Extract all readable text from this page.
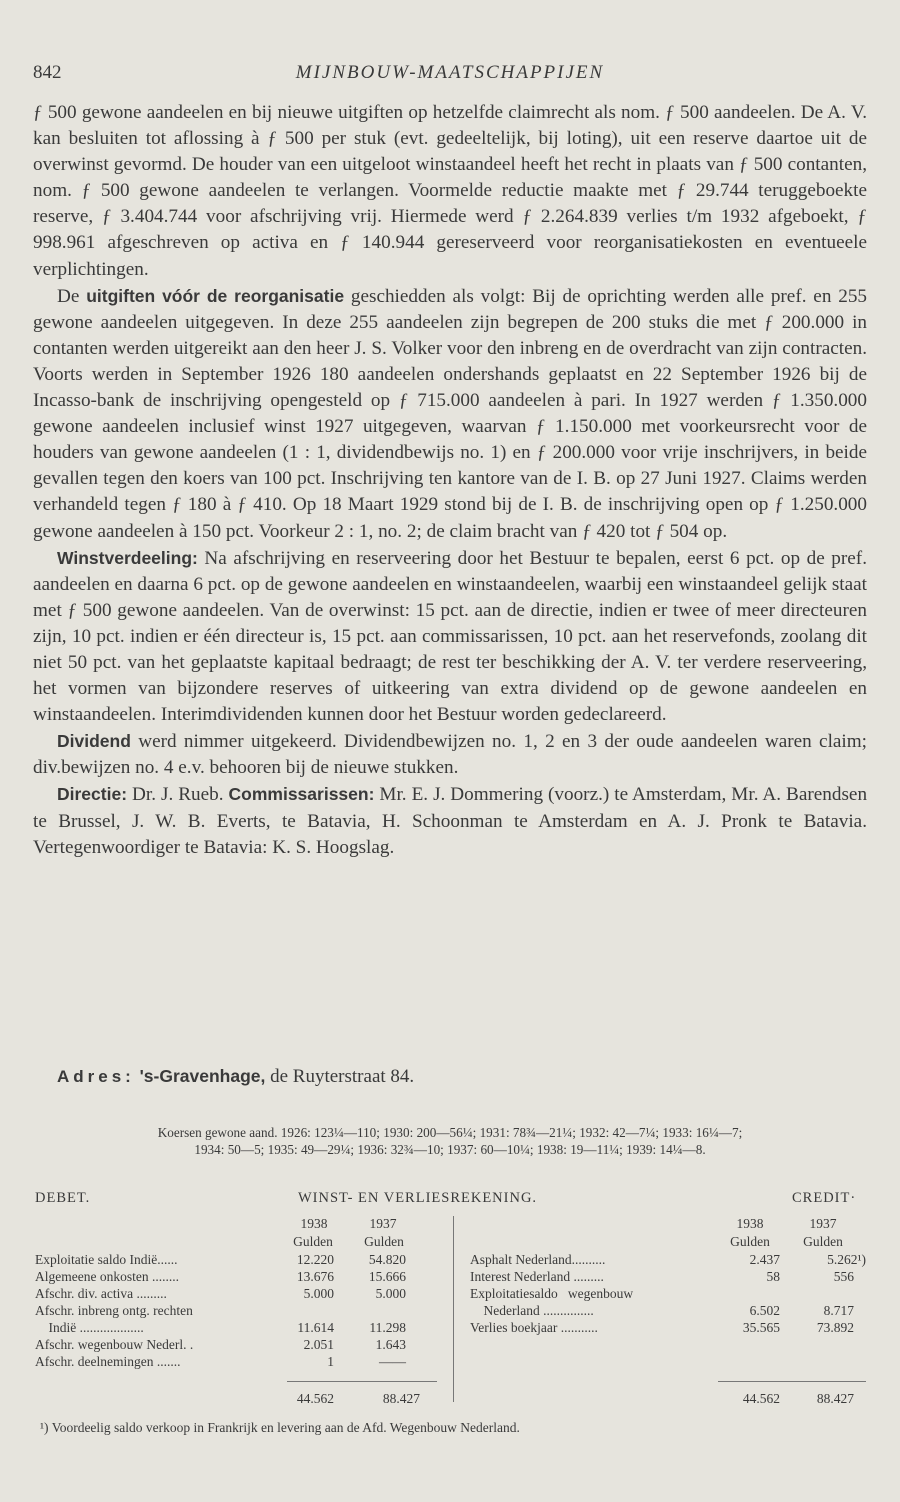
842	MIJNBOUW-MAATSCHAPPIJEN

ƒ 500 gewone aandeelen en bij nieuwe uitgiften op hetzelfde claimrecht als nom. ƒ 500 aandeelen. De A. V. kan besluiten tot aflossing à ƒ 500 per stuk (evt. gedeeltelijk, bij loting), uit een reserve daartoe uit de overwinst gevormd. De houder van een uitgeloot winstaandeel heeft het recht in plaats van ƒ 500 contanten, nom. ƒ 500 gewone aandeelen te verlangen. Voormelde reductie maakte met ƒ 29.744 teruggeboekte reserve, ƒ 3.404.744 voor afschrijving vrij. Hiermede werd ƒ 2.264.839 verlies t/m 1932 afgeboekt, ƒ 998.961 afgeschreven op activa en ƒ 140.944 gereserveerd voor reorganisatiekosten en eventueele verplichtingen.

De uitgiften vóór de reorganisatie geschiedden als volgt: Bij de oprichting werden alle pref. en 255 gewone aandeelen uitgegeven. In deze 255 aandeelen zijn begrepen de 200 stuks die met ƒ 200.000 in contanten werden uitgereikt aan den heer J. S. Volker voor den inbreng en de overdracht van zijn contracten. Voorts werden in September 1926 180 aandeelen ondershands geplaatst en 22 September 1926 bij de Incasso-bank de inschrijving opengesteld op ƒ 715.000 aandeelen à pari. In 1927 werden ƒ 1.350.000 gewone aandeelen inclusief winst 1927 uitgegeven, waarvan ƒ 1.150.000 met voorkeursrecht voor de houders van gewone aandeelen (1 : 1, dividendbewijs no. 1) en ƒ 200.000 voor vrije inschrijvers, in beide gevallen tegen den koers van 100 pct. Inschrijving ten kantore van de I. B. op 27 Juni 1927. Claims werden verhandeld tegen ƒ 180 à ƒ 410. Op 18 Maart 1929 stond bij de I. B. de inschrijving open op ƒ 1.250.000 gewone aandeelen à 150 pct. Voorkeur 2 : 1, no. 2; de claim bracht van ƒ 420 tot ƒ 504 op.

Winstverdeeling: Na afschrijving en reserveering door het Bestuur te bepalen, eerst 6 pct. op de pref. aandeelen en daarna 6 pct. op de gewone aandeelen en winstaandeelen, waarbij een winstaandeel gelijk staat met ƒ 500 gewone aandeelen. Van de overwinst: 15 pct. aan de directie, indien er twee of meer directeuren zijn, 10 pct. indien er één directeur is, 15 pct. aan commissarissen, 10 pct. aan het reservefonds, zoolang dit niet 50 pct. van het geplaatste kapitaal bedraagt; de rest ter beschikking der A. V. ter verdere reserveering, het vormen van bijzondere reserves of uitkeering van extra dividend op de gewone aandeelen en winstaandeelen. Interimdividenden kunnen door het Bestuur worden gedeclareerd.

Dividend werd nimmer uitgekeerd. Dividendbewijzen no. 1, 2 en 3 der oude aandeelen waren claim; div.bewijzen no. 4 e.v. behooren bij de nieuwe stukken.

Directie: Dr. J. Rueb. Commissarissen: Mr. E. J. Dommering (voorz.) te Amsterdam, Mr. A. Barendsen te Brussel, J. W. B. Everts, te Batavia, H. Schoonman te Amsterdam en A. J. Pronk te Batavia. Vertegenwoordiger te Batavia: K. S. Hoogslag.

Adres: 's-Gravenhage, de Ruyterstraat 84.
Koersen gewone aand. 1926: 123¼—110; 1930: 200—56¼; 1931: 78¾—21¼; 1932: 42—7¼; 1933: 16¼—7;
1934: 50—5; 1935: 49—29¼; 1936: 32¾—10; 1937: 60—10¼; 1938: 19—11¼; 1939: 14¼—8.
DEBET.	WINST- EN VERLIESREKENING.	CREDIT·
1938	1937
Gulden	Gulden
1938	1937
Gulden	Gulden
Exploitatie saldo Indië......	12.220	54.820
Algemeene onkosten ........	13.676	15.666
Afschr. div. activa .........	5.000	5.000
Afschr. inbreng ontg. rechten
Indië ...................	11.614	11.298
Afschr. wegenbouw Nederl. .	2.051	1.643
Afschr. deelnemingen .......	1	——
Asphalt Nederland..........	2.437	5.262¹)
Interest Nederland .........	58	556
Exploitatiesaldo   wegenbouw
Nederland ...............	6.502	8.717
Verlies boekjaar ...........	35.565	73.892
44.562	88.427	44.562	88.427
¹) Voordeelig saldo verkoop in Frankrijk en levering aan de Afd. Wegenbouw Nederland.
